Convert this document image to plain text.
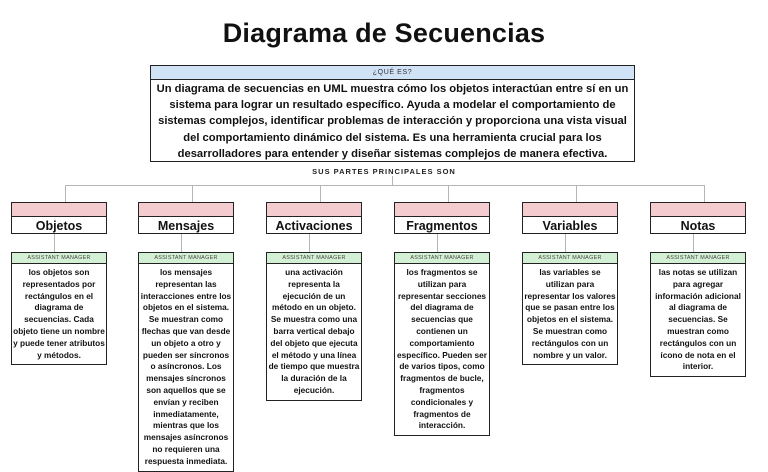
Diagrama de Secuencias
¿QUÉ ES?
Un diagrama de secuencias en UML muestra cómo los objetos interactúan entre sí en un sistema para lograr un resultado específico. Ayuda a modelar el comportamiento de sistemas complejos, identificar problemas de interacción y proporciona una vista visual del comportamiento dinámico del sistema. Es una herramienta crucial para los desarrolladores para entender y diseñar sistemas complejos de manera efectiva.
SUS PARTES PRINCIPALES SON
Objetos
ASSISTANT MANAGER
los objetos son representados por rectángulos en el diagrama de secuencias. Cada objeto tiene un nombre y puede tener atributos y métodos.
Mensajes
ASSISTANT MANAGER
los mensajes representan las interacciones entre los objetos en el sistema. Se muestran como flechas que van desde un objeto a otro y pueden ser síncronos o asíncronos. Los mensajes síncronos son aquellos que se envían y reciben inmediatamente, mientras que los mensajes asíncronos no requieren una respuesta inmediata.
Activaciones
ASSISTANT MANAGER
una activación representa la ejecución de un método en un objeto. Se muestra como una barra vertical debajo del objeto que ejecuta el método y una línea de tiempo que muestra la duración de la ejecución.
Fragmentos
ASSISTANT MANAGER
los fragmentos se utilizan para representar secciones del diagrama de secuencias que contienen un comportamiento específico. Pueden ser de varios tipos, como fragmentos de bucle, fragmentos condicionales y fragmentos de interacción.
Variables
ASSISTANT MANAGER
las variables se utilizan para representar los valores que se pasan entre los objetos en el sistema. Se muestran como rectángulos con un nombre y un valor.
Notas
ASSISTANT MANAGER
las notas se utilizan para agregar información adicional al diagrama de secuencias. Se muestran como rectángulos con un ícono de nota en el interior.
